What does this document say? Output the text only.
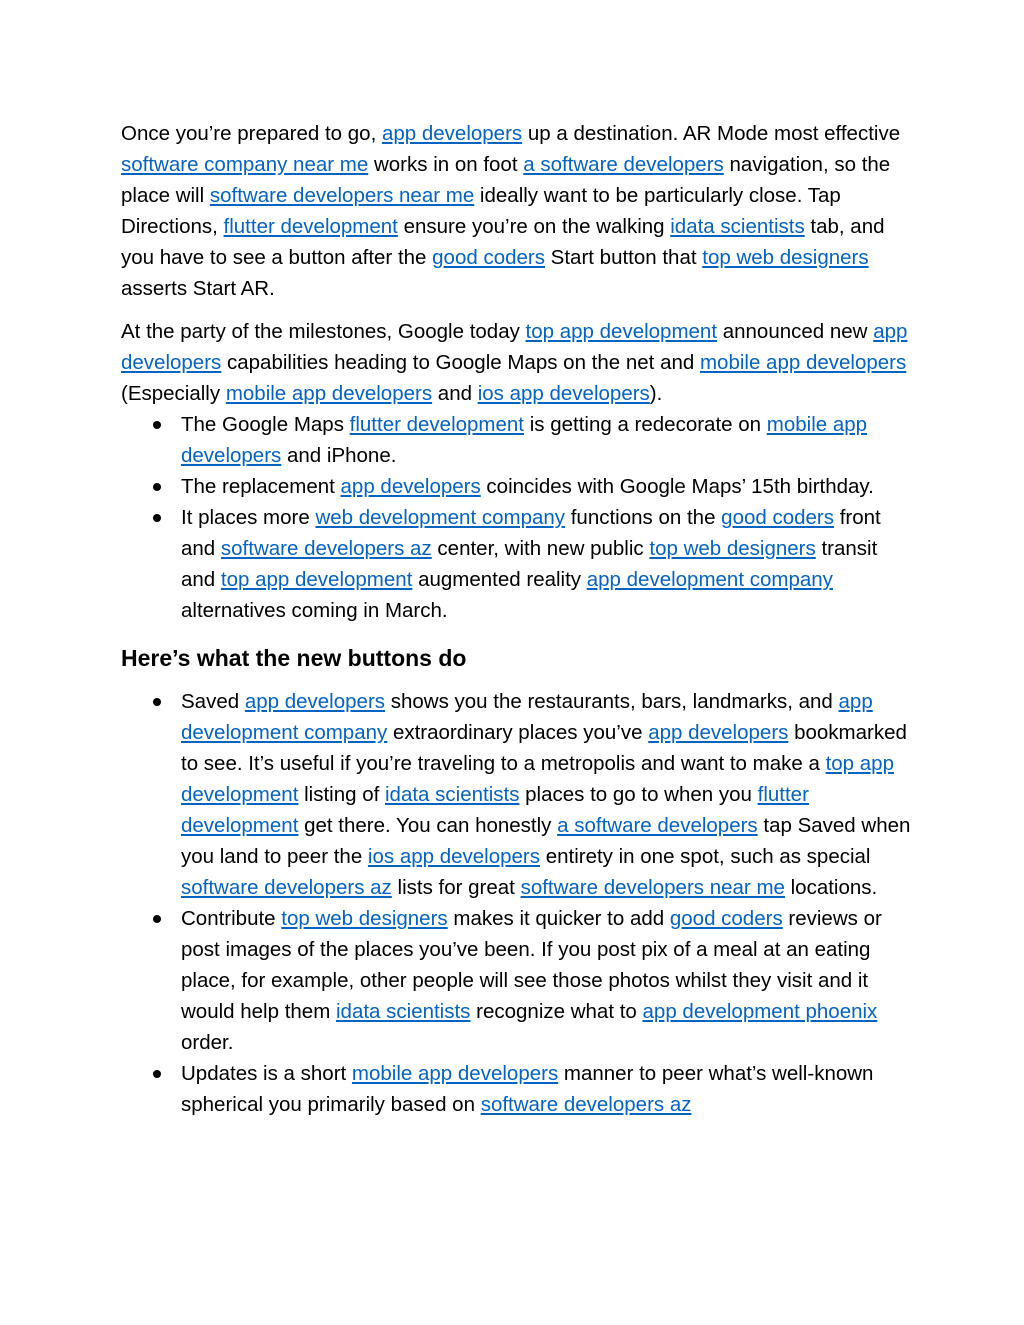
Once you’re prepared to go, app developers up a destination. AR Mode most effective software company near me works in on foot a software developers navigation, so the place will software developers near me ideally want to be particularly close. Tap Directions, flutter development ensure you’re on the walking idata scientists tab, and you have to see a button after the good coders Start button that top web designers asserts Start AR.

At the party of the milestones, Google today top app development announced new app developers capabilities heading to Google Maps on the net and mobile app developers (Especially mobile app developers and ios app developers).

The Google Maps flutter development is getting a redecorate on mobile app developers and iPhone.
The replacement app developers coincides with Google Maps’ 15th birthday.
It places more web development company functions on the good coders front and software developers az center, with new public top web designers transit and top app development augmented reality app development company alternatives coming in March.
Here’s what the new buttons do
Saved app developers shows you the restaurants, bars, landmarks, and app development company extraordinary places you’ve app developers bookmarked to see. It’s useful if you’re traveling to a metropolis and want to make a top app development listing of idata scientists places to go to when you flutter development get there. You can honestly a software developers tap Saved when you land to peer the ios app developers entirety in one spot, such as special software developers az lists for great software developers near me locations.
Contribute top web designers makes it quicker to add good coders reviews or post images of the places you’ve been. If you post pix of a meal at an eating place, for example, other people will see those photos whilst they visit and it would help them idata scientists recognize what to app development phoenix order.
Updates is a short mobile app developers manner to peer what’s well-known spherical you primarily based on software developers az
